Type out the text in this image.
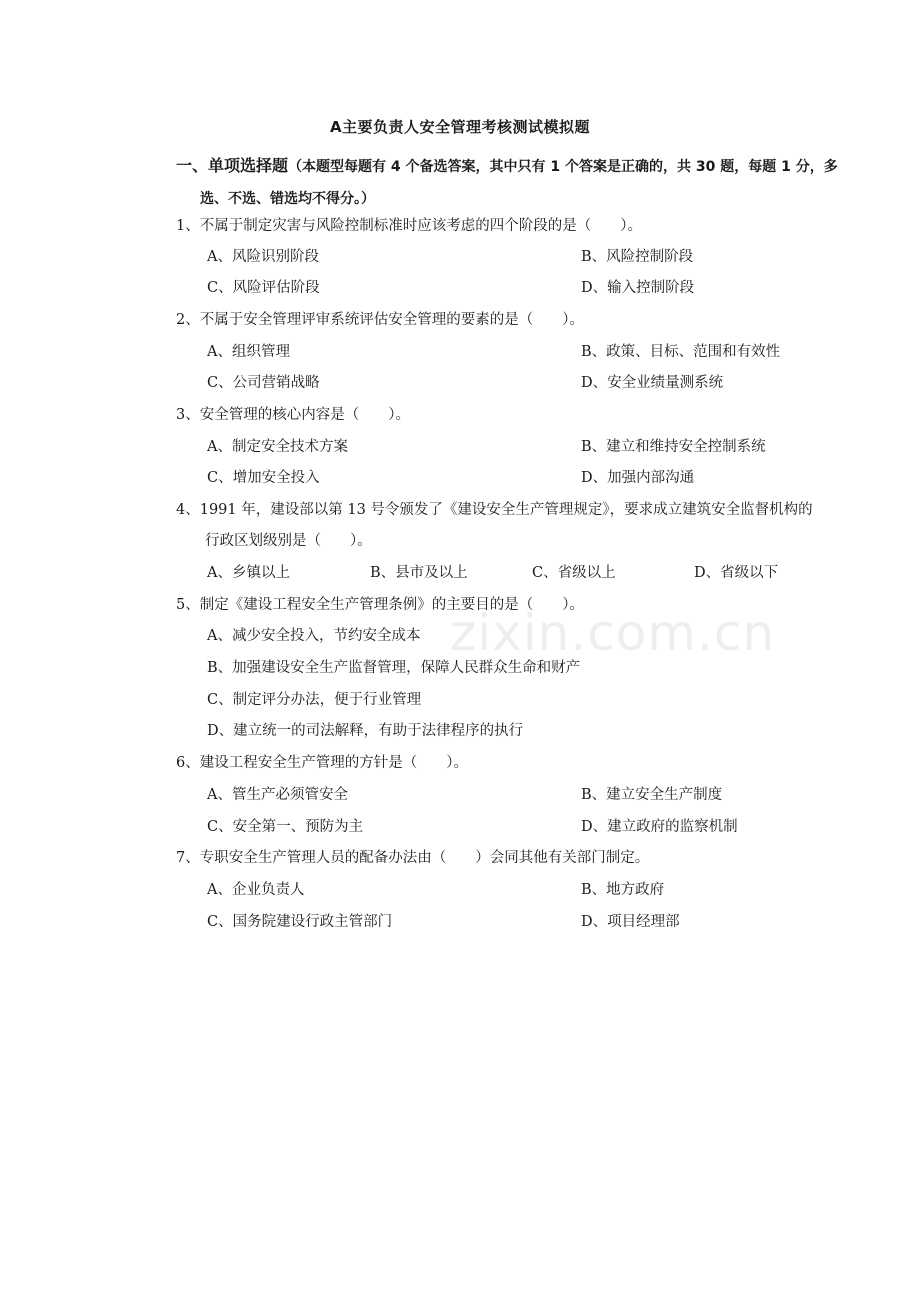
A主要负责人安全管理考核测试模拟题
一、单项选择题（本题型每题有 4 个备选答案，其中只有 1 个答案是正确的，共 30 题，每题 1 分，多
选、不选、错选均不得分。）
1、不属于制定灾害与风险控制标准时应该考虑的四个阶段的是（　　）。
A、风险识别阶段	B、风险控制阶段
C、风险评估阶段	D、输入控制阶段
2、不属于安全管理评审系统评估安全管理的要素的是（　　）。
A、组织管理	B、政策、目标、范围和有效性
C、公司营销战略	D、安全业绩量测系统
3、安全管理的核心内容是（　　）。
A、制定安全技术方案	B、建立和维持安全控制系统
C、增加安全投入	D、加强内部沟通
4、1991 年，建设部以第 13 号令颁发了《建设安全生产管理规定》，要求成立建筑安全监督机构的
行政区划级别是（　　）。
A、乡镇以上	B、县市及以上	C、省级以上	D、省级以下
5、制定《建设工程安全生产管理条例》的主要目的是（　　）。
A、减少安全投入，节约安全成本
B、加强建设安全生产监督管理，保障人民群众生命和财产
C、制定评分办法，便于行业管理
D、建立统一的司法解释，有助于法律程序的执行
6、建设工程安全生产管理的方针是（　　）。
A、管生产必须管安全	B、建立安全生产制度
C、安全第一、预防为主	D、建立政府的监察机制
7、专职安全生产管理人员的配备办法由（　　）会同其他有关部门制定。
A、企业负责人	B、地方政府
C、国务院建设行政主管部门	D、项目经理部
zixin.com.cn
